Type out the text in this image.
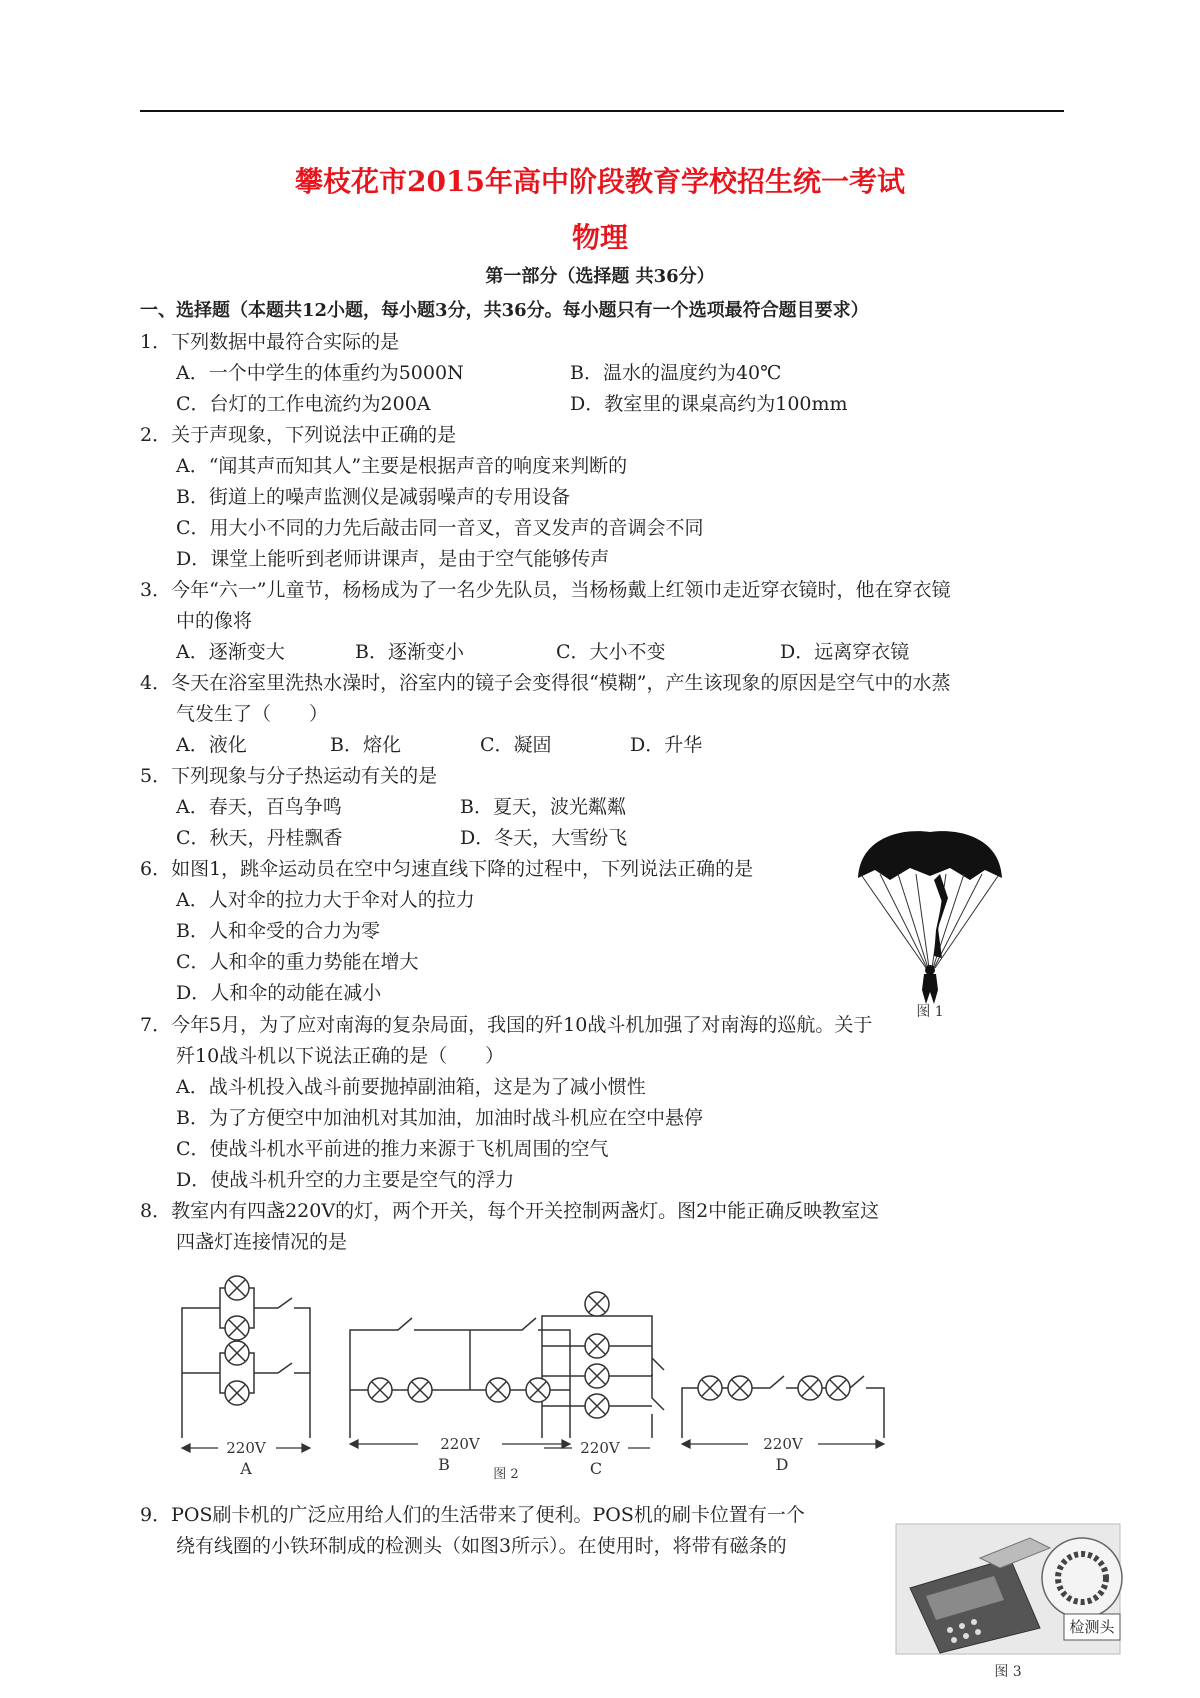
攀枝花市2015年高中阶段教育学校招生统一考试
物理
第一部分（选择题 共36分）
一、选择题（本题共12小题，每小题3分，共36分。每小题只有一个选项最符合题目要求）
1．下列数据中最符合实际的是
A．一个中学生的体重约为5000N	B．温水的温度约为40℃
C．台灯的工作电流约为200A	D．教室里的课桌高约为100mm
2．关于声现象，下列说法中正确的是
A．“闻其声而知其人”主要是根据声音的响度来判断的
B．街道上的噪声监测仪是减弱噪声的专用设备
C．用大小不同的力先后敲击同一音叉，音叉发声的音调会不同
D．课堂上能听到老师讲课声，是由于空气能够传声
3．今年“六一”儿童节，杨杨成为了一名少先队员，当杨杨戴上红领巾走近穿衣镜时，他在穿衣镜
中的像将
A．逐渐变大	B．逐渐变小	C．大小不变	D．远离穿衣镜
4．冬天在浴室里洗热水澡时，浴室内的镜子会变得很“模糊”，产生该现象的原因是空气中的水蒸
气发生了（　　）
A．液化	B．熔化	C．凝固	D．升华
5．下列现象与分子热运动有关的是
A．春天，百鸟争鸣	B．夏天，波光粼粼
C．秋天，丹桂飘香	D．冬天，大雪纷飞
6．如图1，跳伞运动员在空中匀速直线下降的过程中，下列说法正确的是
A．人对伞的拉力大于伞对人的拉力
B．人和伞受的合力为零
C．人和伞的重力势能在增大
D．人和伞的动能在减小
图 1
7．今年5月，为了应对南海的复杂局面，我国的歼10战斗机加强了对南海的巡航。关于
歼10战斗机以下说法正确的是（　　）
A．战斗机投入战斗前要抛掉副油箱，这是为了减小惯性
B．为了方便空中加油机对其加油，加油时战斗机应在空中悬停
C．使战斗机水平前进的推力来源于飞机周围的空气
D．使战斗机升空的力主要是空气的浮力
8．教室内有四盏220V的灯，两个开关，每个开关控制两盏灯。图2中能正确反映教室这
四盏灯连接情况的是
220V	220V	220V	220V
A	B
图 2	C	D
9．POS刷卡机的广泛应用给人们的生活带来了便利。POS机的刷卡位置有一个
绕有线圈的小铁环制成的检测头（如图3所示）。在使用时，将带有磁条的
检测头
图 3
